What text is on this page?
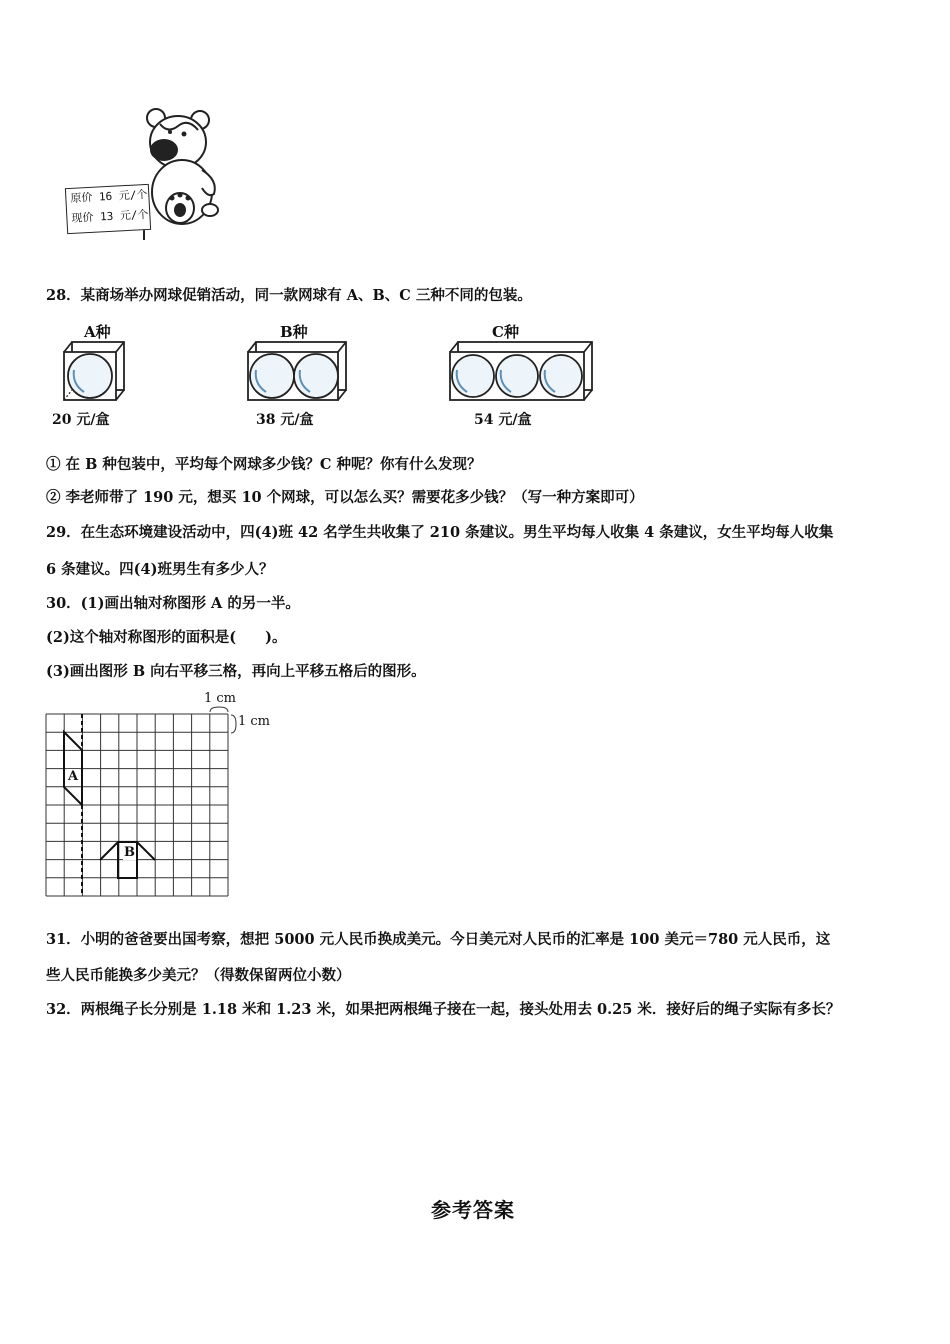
原价 16 元/个
现价 13 元/个
28．某商场举办网球促销活动，同一款网球有 A、B、C 三种不同的包装。
A种
20 元/盒
B种
38 元/盒
C种
54 元/盒
① 在 B 种包装中，平均每个网球多少钱？C 种呢？你有什么发现？
② 李老师带了 190 元，想买 10 个网球，可以怎么买？需要花多少钱？（写一种方案即可）
29．在生态环境建设活动中，四(4)班 42 名学生共收集了 210 条建议。男生平均每人收集 4 条建议，女生平均每人收集
6 条建议。四(4)班男生有多少人？
30．(1)画出轴对称图形 A 的另一半。
(2)这个轴对称图形的面积是(　　)。
(3)画出图形 B 向右平移三格，再向上平移五格后的图形。
1 cm
1 cm
A
B
31．小明的爸爸要出国考察，想把 5000 元人民币换成美元。今日美元对人民币的汇率是 100 美元＝780 元人民币，这
些人民币能换多少美元？（得数保留两位小数）
32．两根绳子长分别是 1.18 米和 1.23 米，如果把两根绳子接在一起，接头处用去 0.25 米．接好后的绳子实际有多长？
参考答案
